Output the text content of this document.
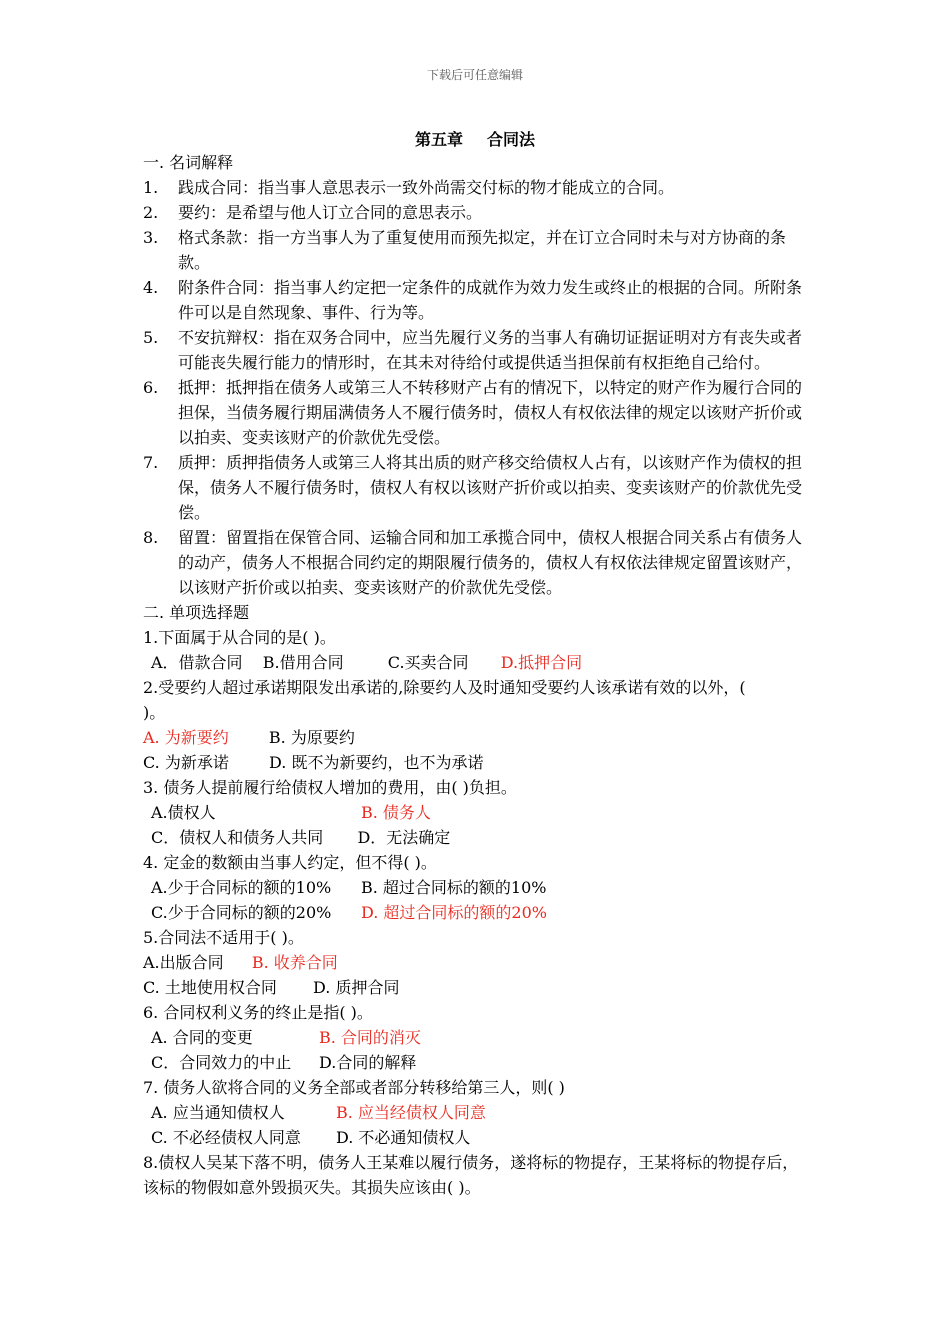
下载后可任意编辑
第五章 合同法
一. 名词解释
1.	践成合同：指当事人意思表示一致外尚需交付标的物才能成立的合同。
2.	要约：是希望与他人订立合同的意思表示。
3.	格式条款：指一方当事人为了重复使用而预先拟定，并在订立合同时未与对方协商的条款。
4.	附条件合同：指当事人约定把一定条件的成就作为效力发生或终止的根据的合同。所附条件可以是自然现象、事件、行为等。
5.	不安抗辩权：指在双务合同中，应当先履行义务的当事人有确切证据证明对方有丧失或者可能丧失履行能力的情形时，在其未对待给付或提供适当担保前有权拒绝自己给付。
6.	抵押：抵押指在债务人或第三人不转移财产占有的情况下，以特定的财产作为履行合同的担保，当债务履行期届满债务人不履行债务时，债权人有权依法律的规定以该财产折价或以拍卖、变卖该财产的价款优先受偿。
7.	质押：质押指债务人或第三人将其出质的财产移交给债权人占有，以该财产作为债权的担保，债务人不履行债务时，债权人有权以该财产折价或以拍卖、变卖该财产的价款优先受偿。
8.	留置：留置指在保管合同、运输合同和加工承揽合同中，债权人根据合同关系占有债务人的动产，债务人不根据合同约定的期限履行债务的，债权人有权依法律规定留置该财产，以该财产折价或以拍卖、变卖该财产的价款优先受偿。
二. 单项选择题
1.下面属于从合同的是( )。
A．借款合同 B.借用合同	C.买卖合同 D.抵押合同
2.受要约人超过承诺期限发出承诺的,除要约人及时通知受要约人该承诺有效的以外，(
)。
A. 为新要约	B. 为原要约
C. 为新承诺	D. 既不为新要约，也不为承诺
3. 债务人提前履行给债权人增加的费用，由( )负担。
A.债权人	B. 债务人
C．债权人和债务人共同 D．无法确定
4. 定金的数额由当事人约定，但不得( )。
A.少于合同标的额的10% B. 超过合同标的额的10%
C.少于合同标的额的20% D. 超过合同标的额的20%
5.合同法不适用于( )。
A.出版合同 B. 收养合同
C. 土地使用权合同 D. 质押合同
6. 合同权利义务的终止是指( )。
A. 合同的变更	B. 合同的消灭
C．合同效力的中止 D.合同的解释
7. 债务人欲将合同的义务全部或者部分转移给第三人，则( )
A. 应当通知债权人	B. 应当经债权人同意
C. 不必经债权人同意 D. 不必通知债权人
8.债权人吴某下落不明，债务人王某难以履行债务，遂将标的物提存，王某将标的物提存后，该标的物假如意外毁损灭失。其损失应该由( )。
